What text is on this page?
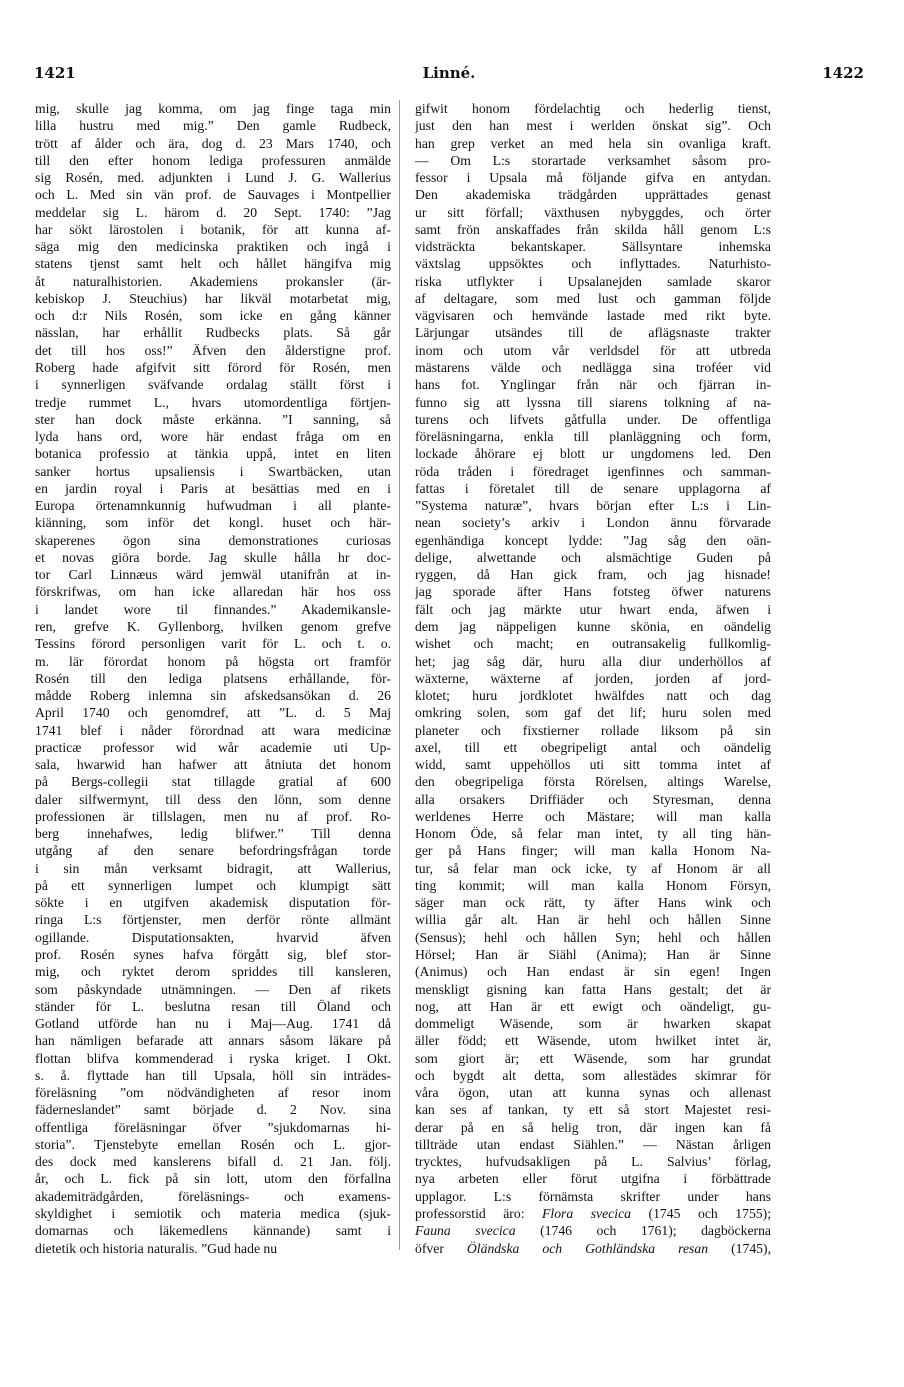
1421	Linné.	1422
mig, skulle jag komma, om jag finge taga min
lilla hustru med mig.” Den gamle Rudbeck,
trött af ålder och ära, dog d. 23 Mars 1740, och
till den efter honom lediga professuren anmälde
sig Rosén, med. adjunkten i Lund J. G. Wallerius
och L. Med sin vän prof. de Sauvages i Montpellier
meddelar sig L. härom d. 20 Sept. 1740: ”Jag
har sökt lärostolen i botanik, för att kunna af-
säga mig den medicinska praktiken och ingå i
statens tjenst samt helt och hållet hängifva mig
åt naturalhistorien. Akademiens prokansler (är-
kebiskop J. Steuchius) har likväl motarbetat mig,
och d:r Nils Rosén, som icke en gång känner
nässlan, har erhållit Rudbecks plats. Så går
det till hos oss!” Äfven den ålderstigne prof.
Roberg hade afgifvit sitt förord för Rosén, men
i synnerligen sväfvande ordalag ställt först i
tredje rummet L., hvars utomordentliga förtjen-
ster han dock måste erkänna. ”I sanning, så
lyda hans ord, wore här endast fråga om en
botanica professio at tänkia uppå, intet en liten
sanker hortus upsaliensis i Swartbäcken, utan
en jardin royal i Paris at besättias med en i
Europa örtenamnkunnig hufwudman i all plante-
kiänning, som inför det kongl. huset och här-
skaperenes ögon sina demonstrationes curiosas
et novas giöra borde. Jag skulle hålla hr doc-
tor Carl Linnæus wärd jemwäl utanifrån at in-
förskrifwas, om han icke allaredan här hos oss
i landet wore til finnandes.” Akademikansle-
ren, grefve K. Gyllenborg, hvilken genom grefve
Tessins förord personligen varit för L. och t. o.
m. lär förordat honom på högsta ort framför
Rosén till den lediga platsens erhållande, för-
mådde Roberg inlemna sin afskedsansökan d. 26
April 1740 och genomdref, att ”L. d. 5 Maj
1741 blef i nåder förordnad att wara medicinæ
practicæ professor wid wår academie uti Up-
sala, hwarwid han hafwer att åtniuta det honom
på Bergs-collegii stat tillagde gratial af 600
daler silfwermynt, till dess den lönn, som denne
professionen är tillslagen, men nu af prof. Ro-
berg innehafwes, ledig blifwer.” Till denna
utgång af den senare befordringsfrågan torde
i sin mån verksamt bidragit, att Wallerius,
på ett synnerligen lumpet och klumpigt sätt
sökte i en utgifven akademisk disputation för-
ringa L:s förtjenster, men derför rönte allmänt
ogillande. Disputationsakten, hvarvid äfven
prof. Rosén synes hafva förgått sig, blef stor-
mig, och ryktet derom spriddes till kansleren,
som påskyndade utnämningen. — Den af rikets
ständer för L. beslutna resan till Öland och
Gotland utförde han nu i Maj—Aug. 1741 då
han nämligen befarade att annars såsom läkare på
flottan blifva kommenderad i ryska kriget. I Okt.
s. å. flyttade han till Upsala, höll sin inträdes-
föreläsning ”om nödvändigheten af resor inom
fäderneslandet” samt började d. 2 Nov. sina
offentliga föreläsningar öfver ”sjukdomarnas hi-
storia”. Tjenstebyte emellan Rosén och L. gjor-
des dock med kanslerens bifall d. 21 Jan. följ.
år, och L. fick på sin lott, utom den förfallna
akademiträdgården, föreläsnings- och examens-
skyldighet i semiotik och materia medica (sjuk-
domarnas och läkemedlens kännande) samt i
dietetik och historia naturalis. ”Gud hade nu
gifwit honom fördelachtig och hederlig tienst,
just den han mest i werlden önskat sig”. Och
han grep verket an med hela sin ovanliga kraft.
— Om L:s storartade verksamhet såsom pro-
fessor i Upsala må följande gifva en antydan.
Den akademiska trädgården upprättades genast
ur sitt förfall; växthusen nybyggdes, och örter
samt frön anskaffades från skilda håll genom L:s
vidsträckta bekantskaper. Sällsyntare inhemska
växtslag uppsöktes och inflyttades. Naturhisto-
riska utflykter i Upsalanejden samlade skaror
af deltagare, som med lust och gamman följde
vägvisaren och hemvände lastade med rikt byte.
Lärjungar utsändes till de aflägsnaste trakter
inom och utom vår verldsdel för att utbreda
mästarens välde och nedlägga sina troféer vid
hans fot. Ynglingar från när och fjärran in-
funno sig att lyssna till siarens tolkning af na-
turens och lifvets gåtfulla under. De offentliga
föreläsningarna, enkla till planläggning och form,
lockade åhörare ej blott ur ungdomens led. Den
röda tråden i föredraget igenfinnes och samman-
fattas i företalet till de senare upplagorna af
”Systema naturæ”, hvars början efter L:s i Lin-
nean society’s arkiv i London ännu förvarade
egenhändiga koncept lydde: ”Jag såg den oän-
delige, alwettande och alsmächtige Guden på
ryggen, då Han gick fram, och jag hisnade!
jag sporade äfter Hans fotsteg öfwer naturens
fält och jag märkte utur hwart enda, äfwen i
dem jag näppeligen kunne skönia, en oändelig
wishet och macht; en outransakelig fullkomlig-
het; jag såg där, huru alla diur underhöllos af
wäxterne, wäxterne af jorden, jorden af jord-
klotet; huru jordklotet hwälfdes natt och dag
omkring solen, som gaf det lif; huru solen med
planeter och fixstierner rollade liksom på sin
axel, till ett obegripeligt antal och oändelig
widd, samt uppehöllos uti sitt tomma intet af
den obegripeliga första Rörelsen, altings Warelse,
alla orsakers Driffiäder och Styresman, denna
werldenes Herre och Mästare; will man kalla
Honom Öde, så felar man intet, ty all ting hän-
ger på Hans finger; will man kalla Honom Na-
tur, så felar man ock icke, ty af Honom är all
ting kommit; will man kalla Honom Försyn,
säger man ock rätt, ty äfter Hans wink och
willia går alt. Han är hehl och hållen Sinne
(Sensus); hehl och hållen Syn; hehl och hållen
Hörsel; Han är Siähl (Anima); Han är Sinne
(Animus) och Han endast är sin egen! Ingen
menskligt gisning kan fatta Hans gestalt; det är
nog, att Han är ett ewigt och oändeligt, gu-
dommeligt Wäsende, som är hwarken skapat
äller född; ett Wäsende, utom hwilket intet är,
som giort är; ett Wäsende, som har grundat
och bygdt alt detta, som allestädes skimrar för
våra ögon, utan att kunna synas och allenast
kan ses af tankan, ty ett så stort Majestet resi-
derar på en så helig tron, där ingen kan få
tillträde utan endast Siählen.” — Nästan årligen
trycktes, hufvudsakligen på L. Salvius’ förlag,
nya arbeten eller förut utgifna i förbättrade
upplagor. L:s förnämsta skrifter under hans
professorstid äro: Flora svecica (1745 och 1755);
Fauna svecica (1746 och 1761); dagböckerna
öfver Öländska och Gothländska resan (1745),
